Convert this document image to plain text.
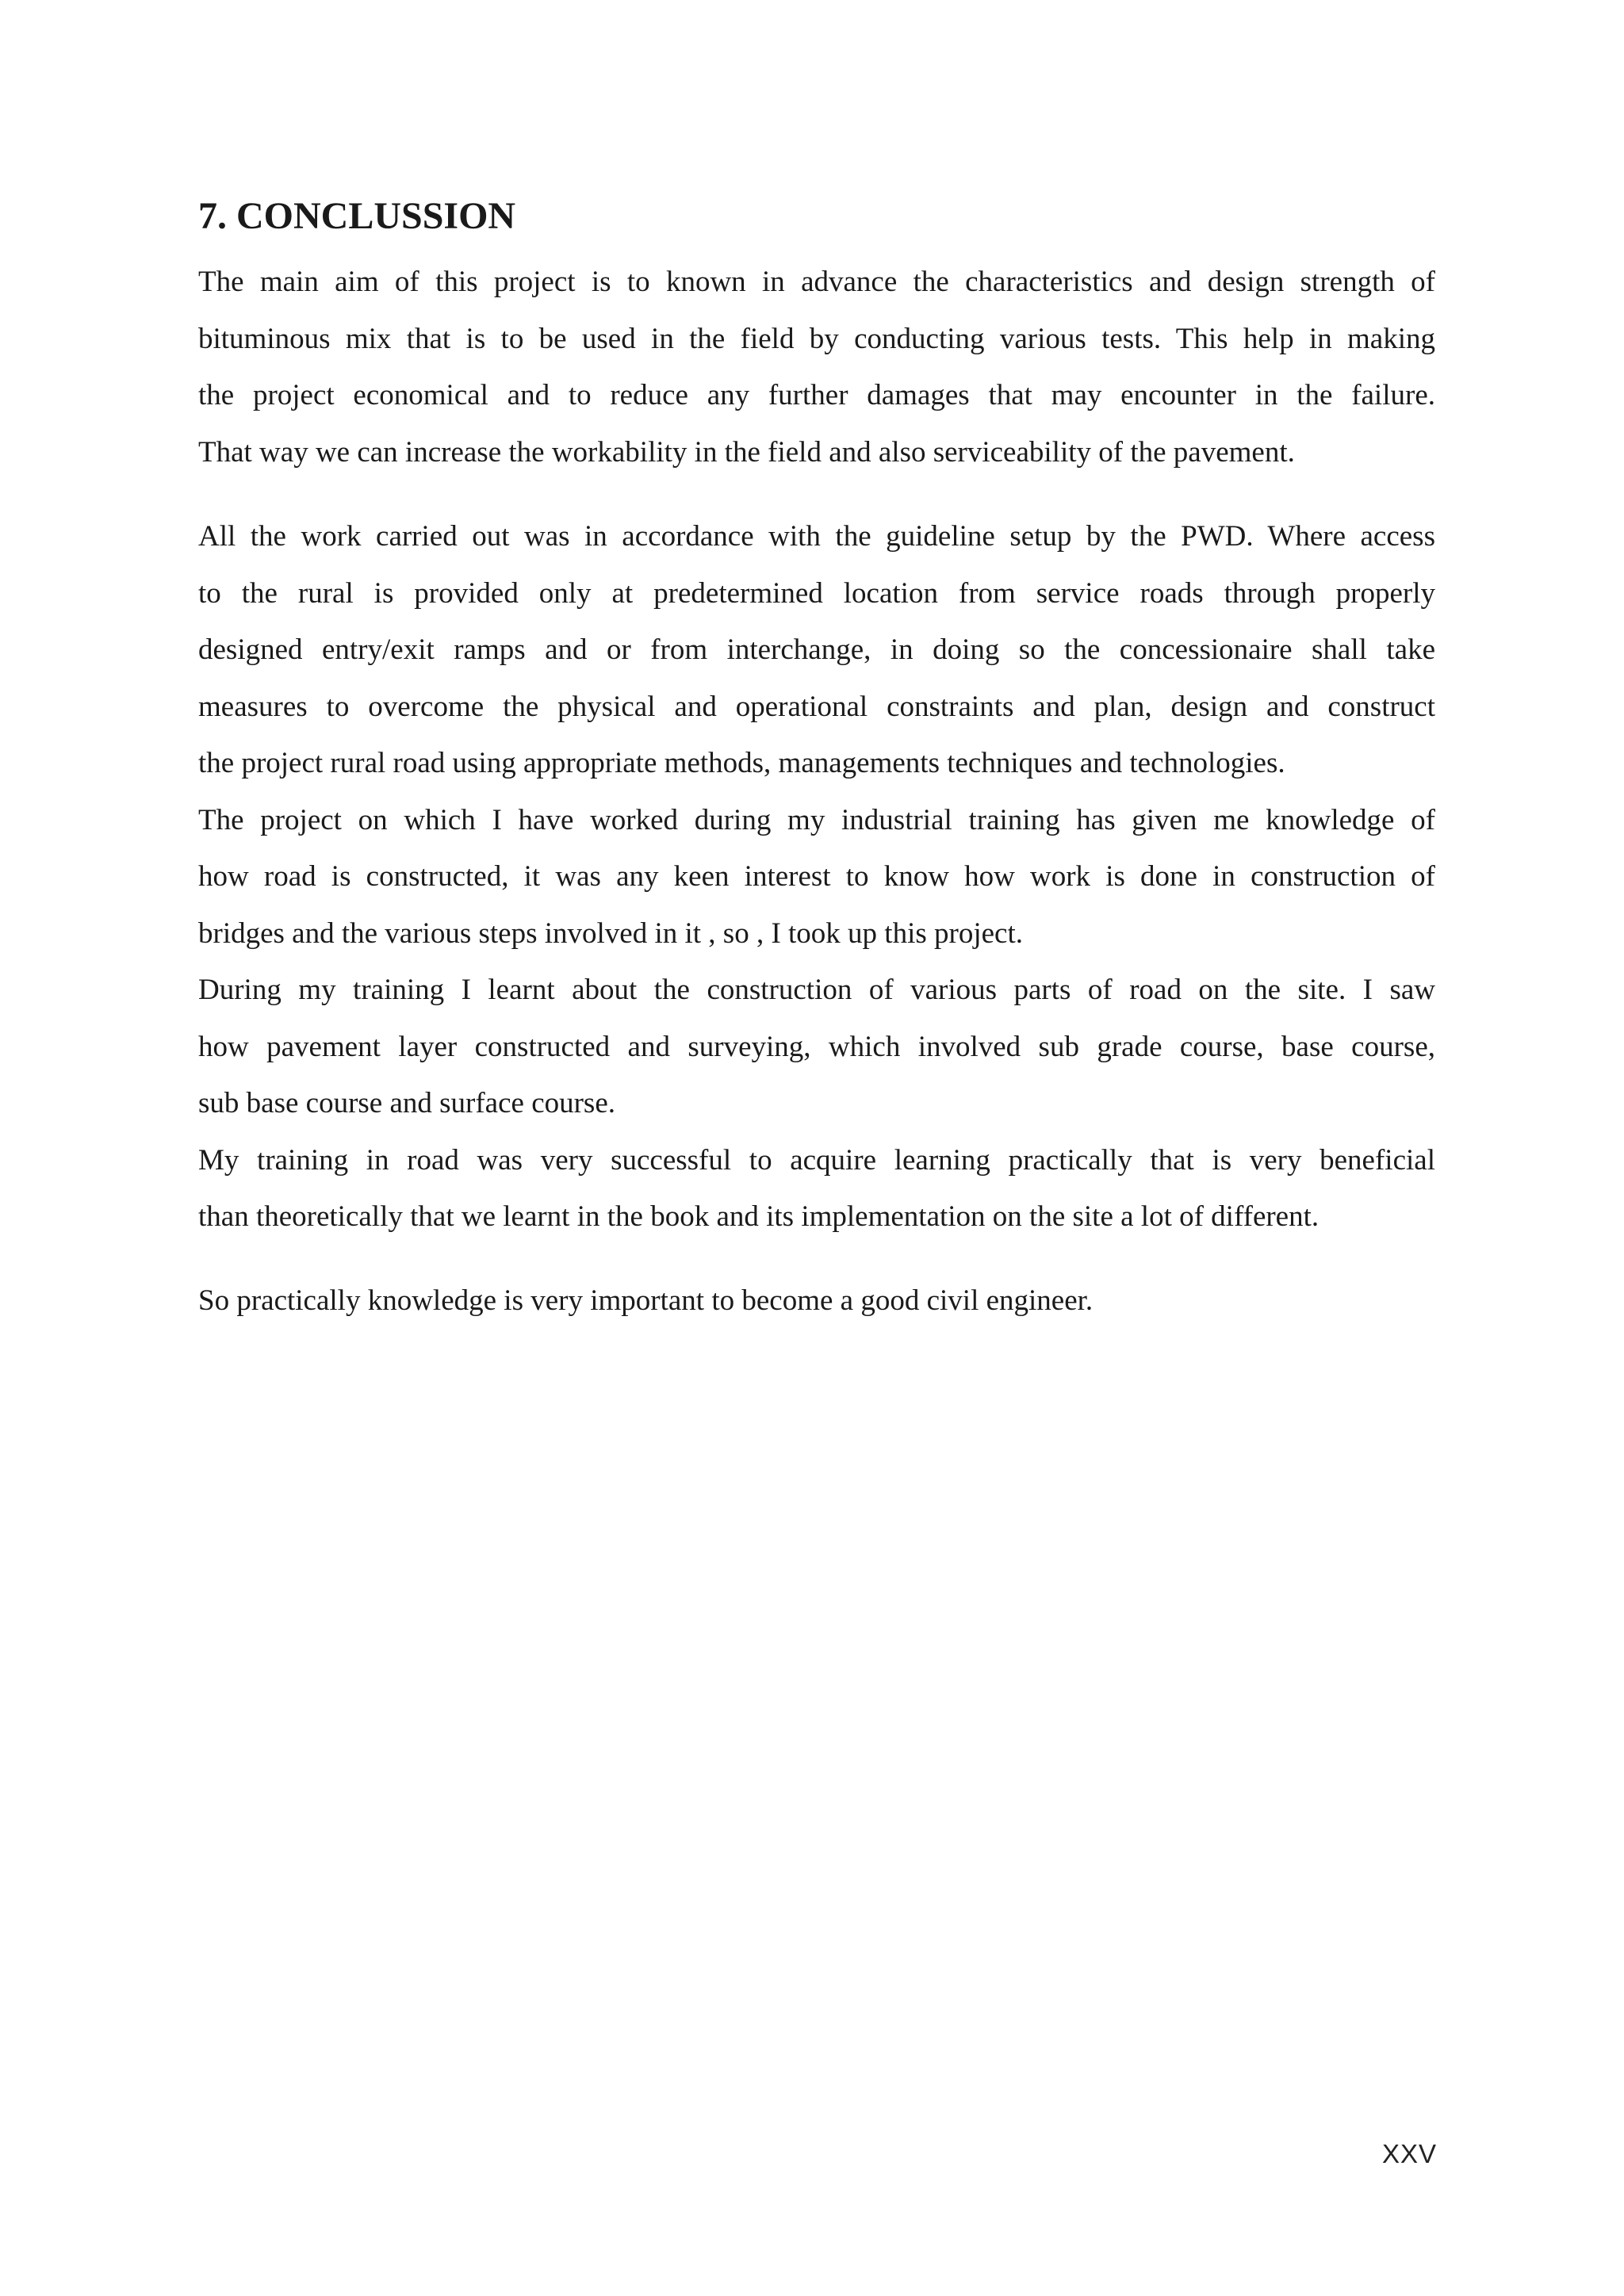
7. CONCLUSSION
The main aim of this project is to known in advance the characteristics and design strength of
bituminous mix that is to be used in the field by conducting various tests. This help in making
the project economical and to reduce any further damages that may encounter in the failure.
That way we can increase the workability in the field and also serviceability of the pavement.
All the work carried out was in accordance with the guideline setup by the PWD. Where access
to the rural is provided only at predetermined location from service roads through properly
designed entry/exit ramps and or from interchange, in doing so the concessionaire shall take
measures to overcome the physical and operational constraints and plan, design and construct
the project rural road using appropriate methods, managements techniques and technologies.
The project on which I have worked during my industrial training has given me knowledge of
how road is constructed, it was any keen interest to know how work is done in construction of
bridges and the various steps involved in it , so , I took up this project.
During my training I learnt about the construction of various parts of road on the site. I saw
how pavement layer constructed and surveying, which involved sub grade course, base course,
sub base course and surface course.
My training in road was very successful to acquire learning practically that is very beneficial
than theoretically that we learnt in the book and its implementation on the site a lot of different.
So practically knowledge is very important to become a good civil engineer.
XXV
